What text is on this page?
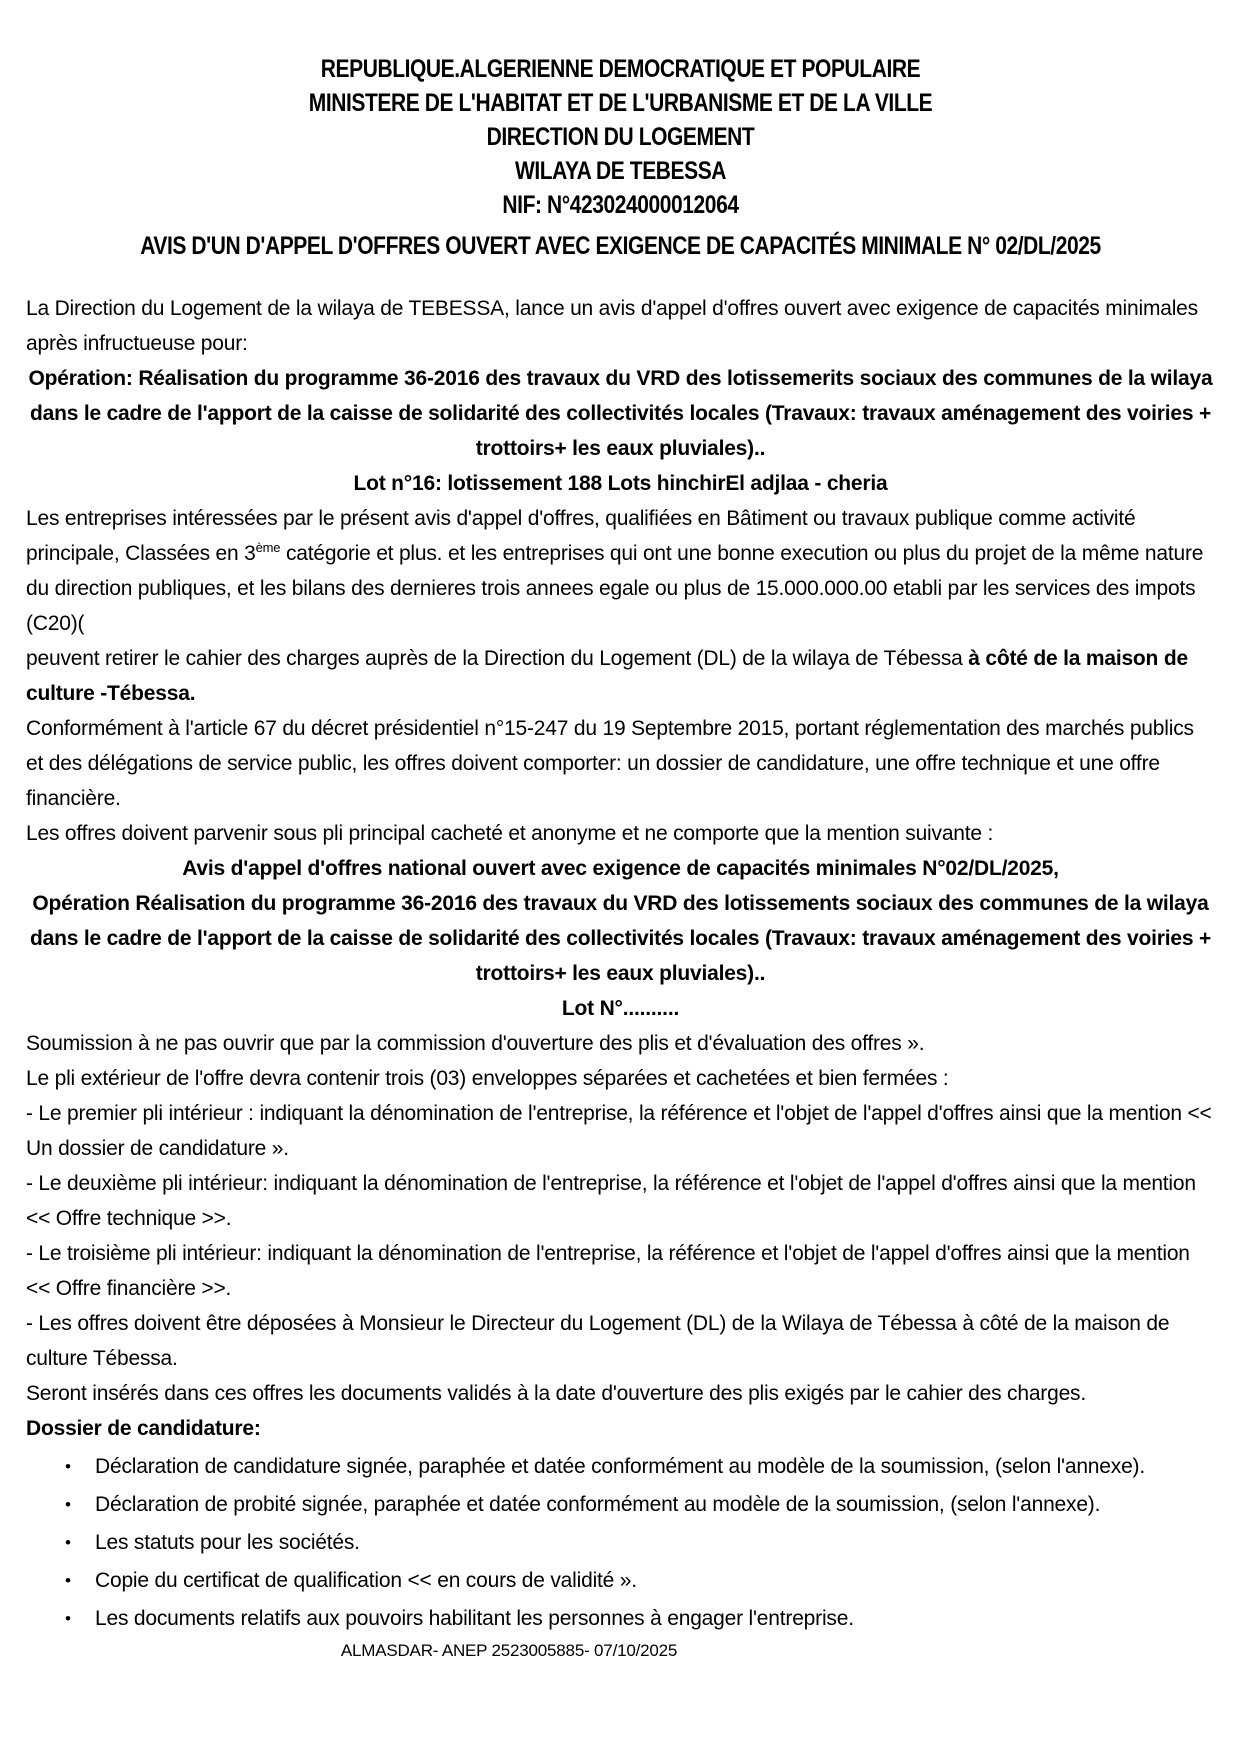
REPUBLIQUE.ALGERIENNE DEMOCRATIQUE ET POPULAIRE

MINISTERE DE L'HABITAT ET DE L'URBANISME ET DE LA VILLE

DIRECTION DU LOGEMENT

WILAYA DE TEBESSA

NIF: N°423024000012064

AVIS D'UN D'APPEL D'OFFRES OUVERT AVEC EXIGENCE DE CAPACITÉS MINIMALE N° 02/DL/2025

La Direction du Logement de la wilaya de TEBESSA, lance un avis d'appel d'offres ouvert avec exigence de capacités minimales après infructueuse pour:

Opération: Réalisation du programme 36-2016 des travaux du VRD des lotissemerits sociaux des communes de la wilaya dans le cadre de l'apport de la caisse de solidarité des collectivités locales (Travaux: travaux aménagement des voiries + trottoirs+ les eaux pluviales)..

Lot n°16: lotissement 188 Lots hinchirEl adjlaa - cheria

Les entreprises intéressées par le présent avis d'appel d'offres, qualifiées en Bâtiment ou travaux publique comme activité principale, Classées en 3ème catégorie et plus. et les entreprises qui ont une bonne execution ou plus du projet de la même nature du direction publiques, et les bilans des dernieres trois annees egale ou plus de 15.000.000.00 etabli par les services des impots (C20)(

peuvent retirer le cahier des charges auprès de la Direction du Logement (DL) de la wilaya de Tébessa à côté de la maison de culture -Tébessa.

Conformément à l'article 67 du décret présidentiel n°15-247 du 19 Septembre 2015, portant réglementation des marchés publics et des délégations de service public, les offres doivent comporter: un dossier de candidature, une offre technique et une offre financière.

Les offres doivent parvenir sous pli principal cacheté et anonyme et ne comporte que la mention suivante :

Avis d'appel d'offres national ouvert avec exigence de capacités minimales N°02/DL/2025,

Opération Réalisation du programme 36-2016 des travaux du VRD des lotissements sociaux des communes de la wilaya dans le cadre de l'apport de la caisse de solidarité des collectivités locales (Travaux: travaux aménagement des voiries + trottoirs+ les eaux pluviales)..

Lot N°..........

Soumission à ne pas ouvrir que par la commission d'ouverture des plis et d'évaluation des offres ».

Le pli extérieur de l'offre devra contenir trois (03) enveloppes séparées et cachetées et bien fermées :

- Le premier pli intérieur : indiquant la dénomination de l'entreprise, la référence et l'objet de l'appel d'offres ainsi que la mention << Un dossier de candidature ».

- Le deuxième pli intérieur: indiquant la dénomination de l'entreprise, la référence et l'objet de l'appel d'offres ainsi que la mention << Offre technique >>.

- Le troisième pli intérieur: indiquant la dénomination de l'entreprise, la référence et l'objet de l'appel d'offres ainsi que la mention << Offre financière >>.

- Les offres doivent être déposées à Monsieur le Directeur du Logement (DL) de la Wilaya de Tébessa à côté de la maison de culture Tébessa.

Seront insérés dans ces offres les documents validés à la date d'ouverture des plis exigés par le cahier des charges.

Dossier de candidature:

• Déclaration de candidature signée, paraphée et datée conformément au modèle de la soumission, (selon l'annexe).
• Déclaration de probité signée, paraphée et datée conformément au modèle de la soumission, (selon l'annexe).
• Les statuts pour les sociétés.
• Copie du certificat de qualification << en cours de validité ».
• Les documents relatifs aux pouvoirs habilitant les personnes à engager l'entreprise.
ALMASDAR- ANEP 2523005885- 07/10/2025
